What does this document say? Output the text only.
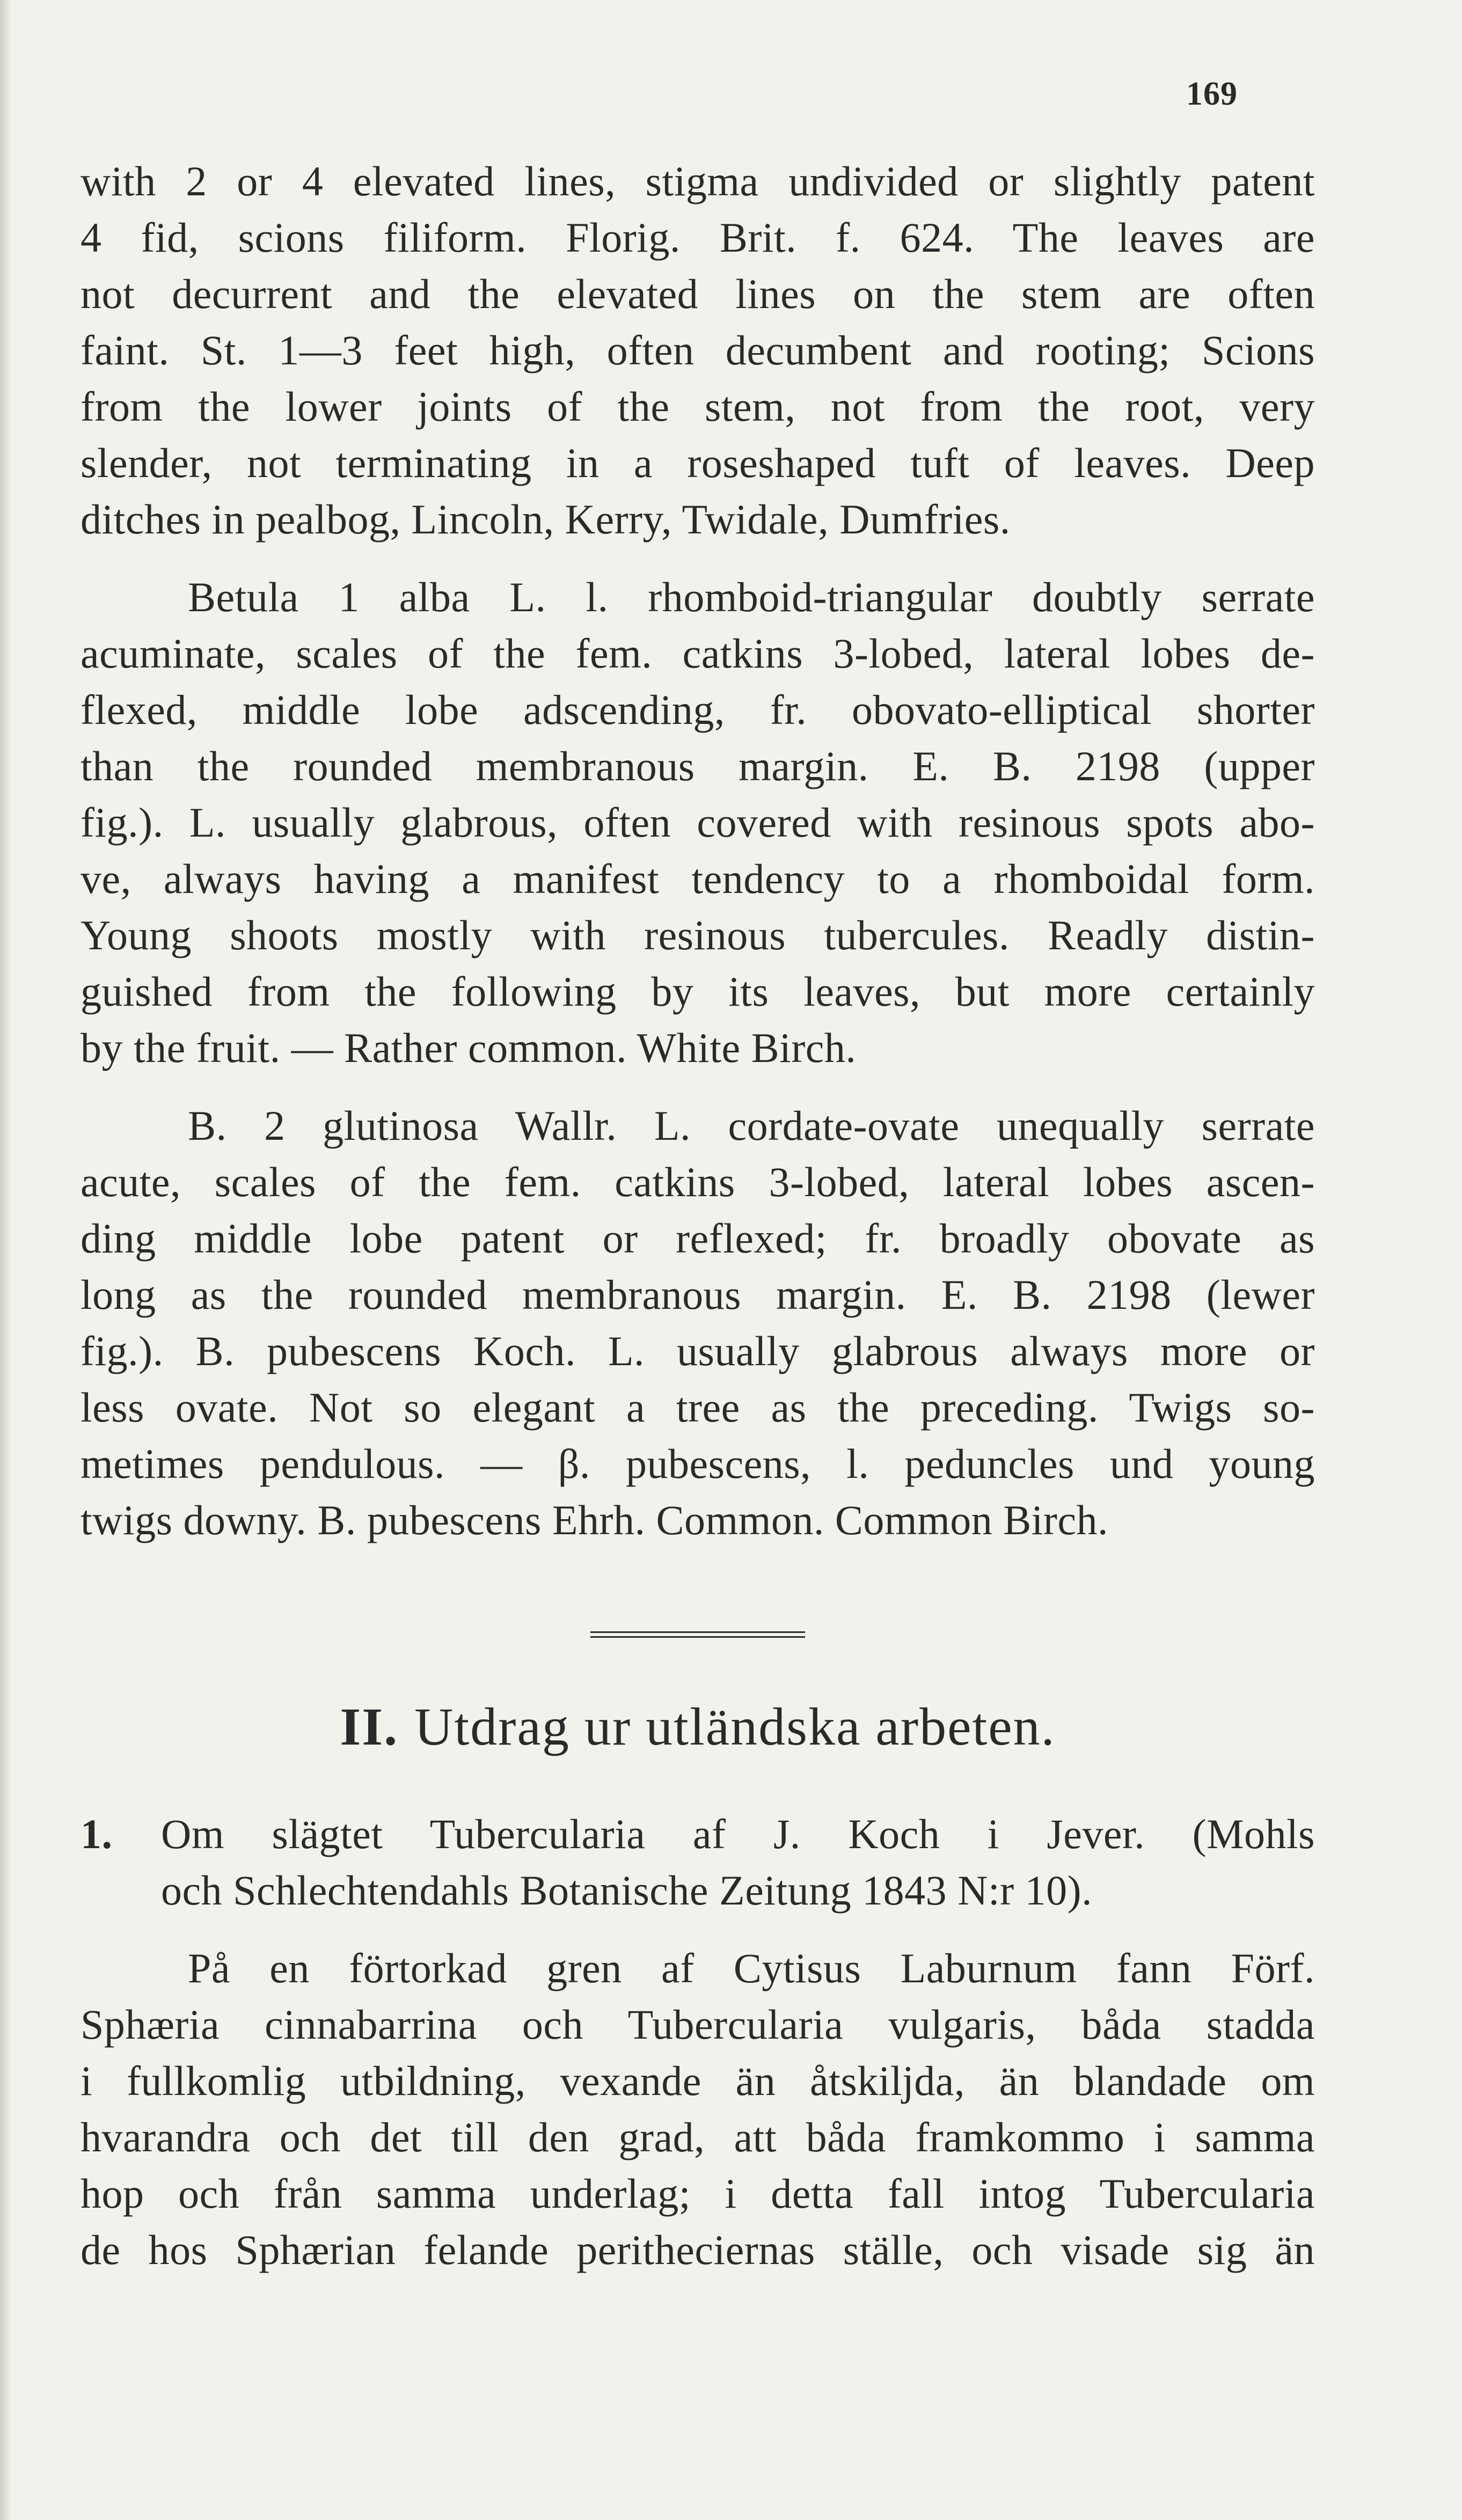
169
with 2 or 4 elevated lines, stigma undivided or slightly patent
4 fid, scions filiform. Florig. Brit. f. 624. The leaves are
not decurrent and the elevated lines on the stem are often
faint. St. 1—3 feet high, often decumbent and rooting; Scions
from the lower joints of the stem, not from the root, very
slender, not terminating in a roseshaped tuft of leaves. Deep
ditches in pealbog, Lincoln, Kerry, Twidale, Dumfries.
Betula 1 alba L. l. rhomboid-triangular doubtly serrate
acuminate, scales of the fem. catkins 3-lobed, lateral lobes de-
flexed, middle lobe adscending, fr. obovato-elliptical shorter
than the rounded membranous margin. E. B. 2198 (upper
fig.). L. usually glabrous, often covered with resinous spots abo-
ve, always having a manifest tendency to a rhomboidal form.
Young shoots mostly with resinous tubercules. Readly distin-
guished from the following by its leaves, but more certainly
by the fruit. — Rather common. White Birch.
B. 2 glutinosa Wallr. L. cordate-ovate unequally serrate
acute, scales of the fem. catkins 3-lobed, lateral lobes ascen-
ding middle lobe patent or reflexed; fr. broadly obovate as
long as the rounded membranous margin. E. B. 2198 (lewer
fig.). B. pubescens Koch. L. usually glabrous always more or
less ovate. Not so elegant a tree as the preceding. Twigs so-
metimes pendulous. — β. pubescens, l. peduncles und young
twigs downy. B. pubescens Ehrh. Common. Common Birch.
II. Utdrag ur utländska arbeten.
1. Om slägtet Tubercularia af J. Koch i Jever. (Mohls
och Schlechtendahls Botanische Zeitung 1843 N:r 10).
På en förtorkad gren af Cytisus Laburnum fann Förf.
Sphæria cinnabarrina och Tubercularia vulgaris, båda stadda
i fullkomlig utbildning, vexande än åtskiljda, än blandade om
hvarandra och det till den grad, att båda framkommo i samma
hop och från samma underlag; i detta fall intog Tubercularia
de hos Sphærian felande peritheciernas ställe, och visade sig än
